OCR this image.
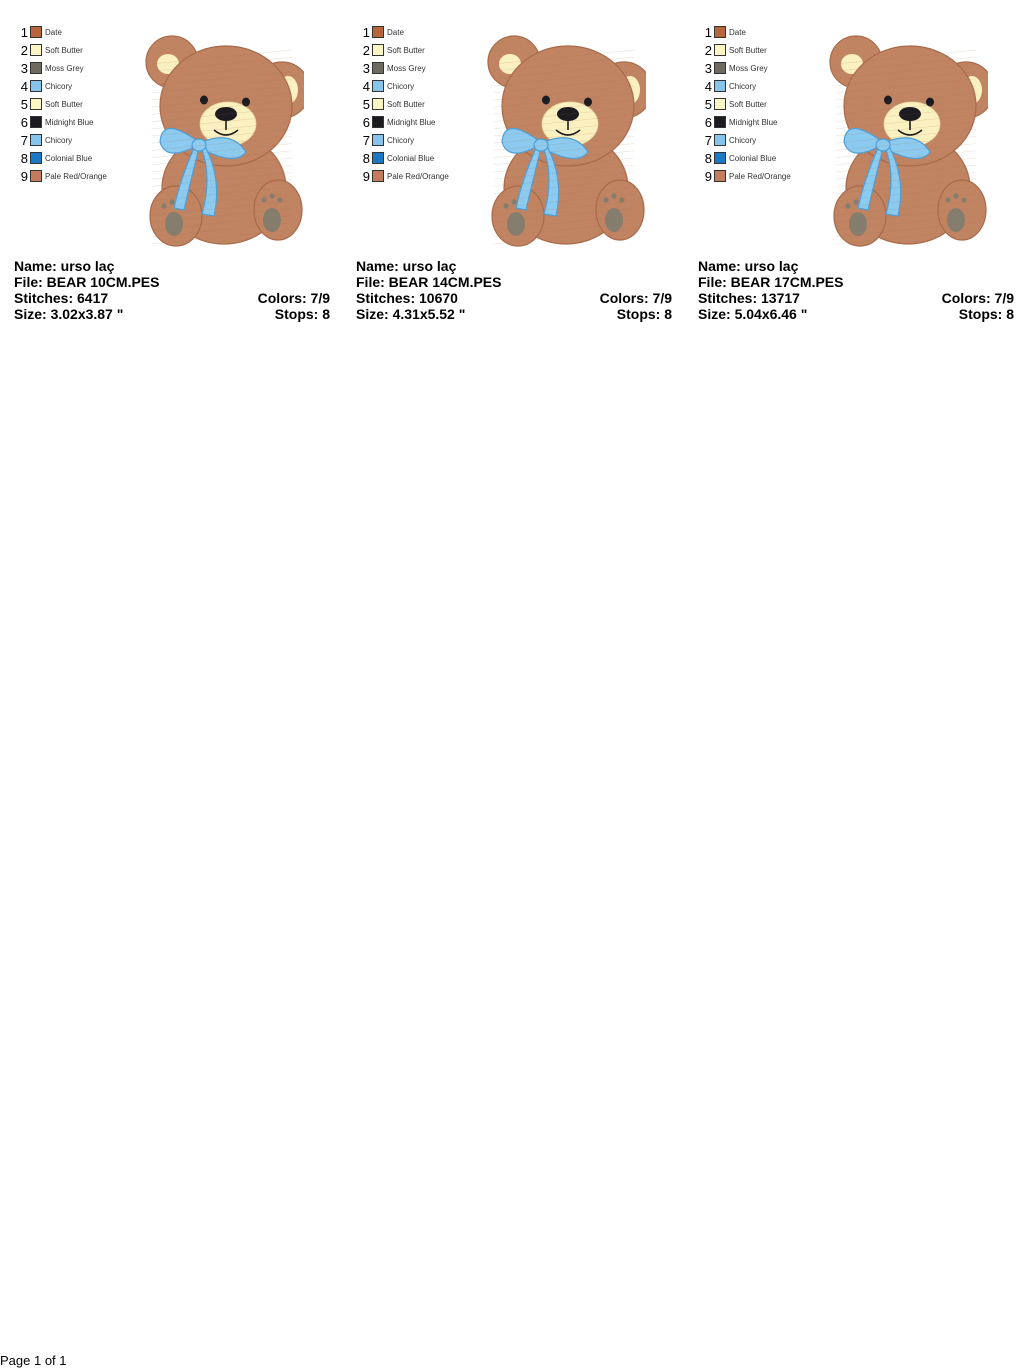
1 Date
2 Soft Butter
3 Moss Grey
4 Chicory
5 Soft Butter
6 Midnight Blue
7 Chicory
8 Colonial Blue
9 Pale Red/Orange
Name: urso laç
File: BEAR 10CM.PES
Stitches: 6417	Colors: 7/9
Size: 3.02x3.87 "	Stops: 8
1 Date
2 Soft Butter
3 Moss Grey
4 Chicory
5 Soft Butter
6 Midnight Blue
7 Chicory
8 Colonial Blue
9 Pale Red/Orange
Name: urso laç
File: BEAR 14CM.PES
Stitches: 10670	Colors: 7/9
Size: 4.31x5.52 "	Stops: 8
1 Date
2 Soft Butter
3 Moss Grey
4 Chicory
5 Soft Butter
6 Midnight Blue
7 Chicory
8 Colonial Blue
9 Pale Red/Orange
Name: urso laç
File: BEAR 17CM.PES
Stitches: 13717	Colors: 7/9
Size: 5.04x6.46 "	Stops: 8
Page 1 of 1
